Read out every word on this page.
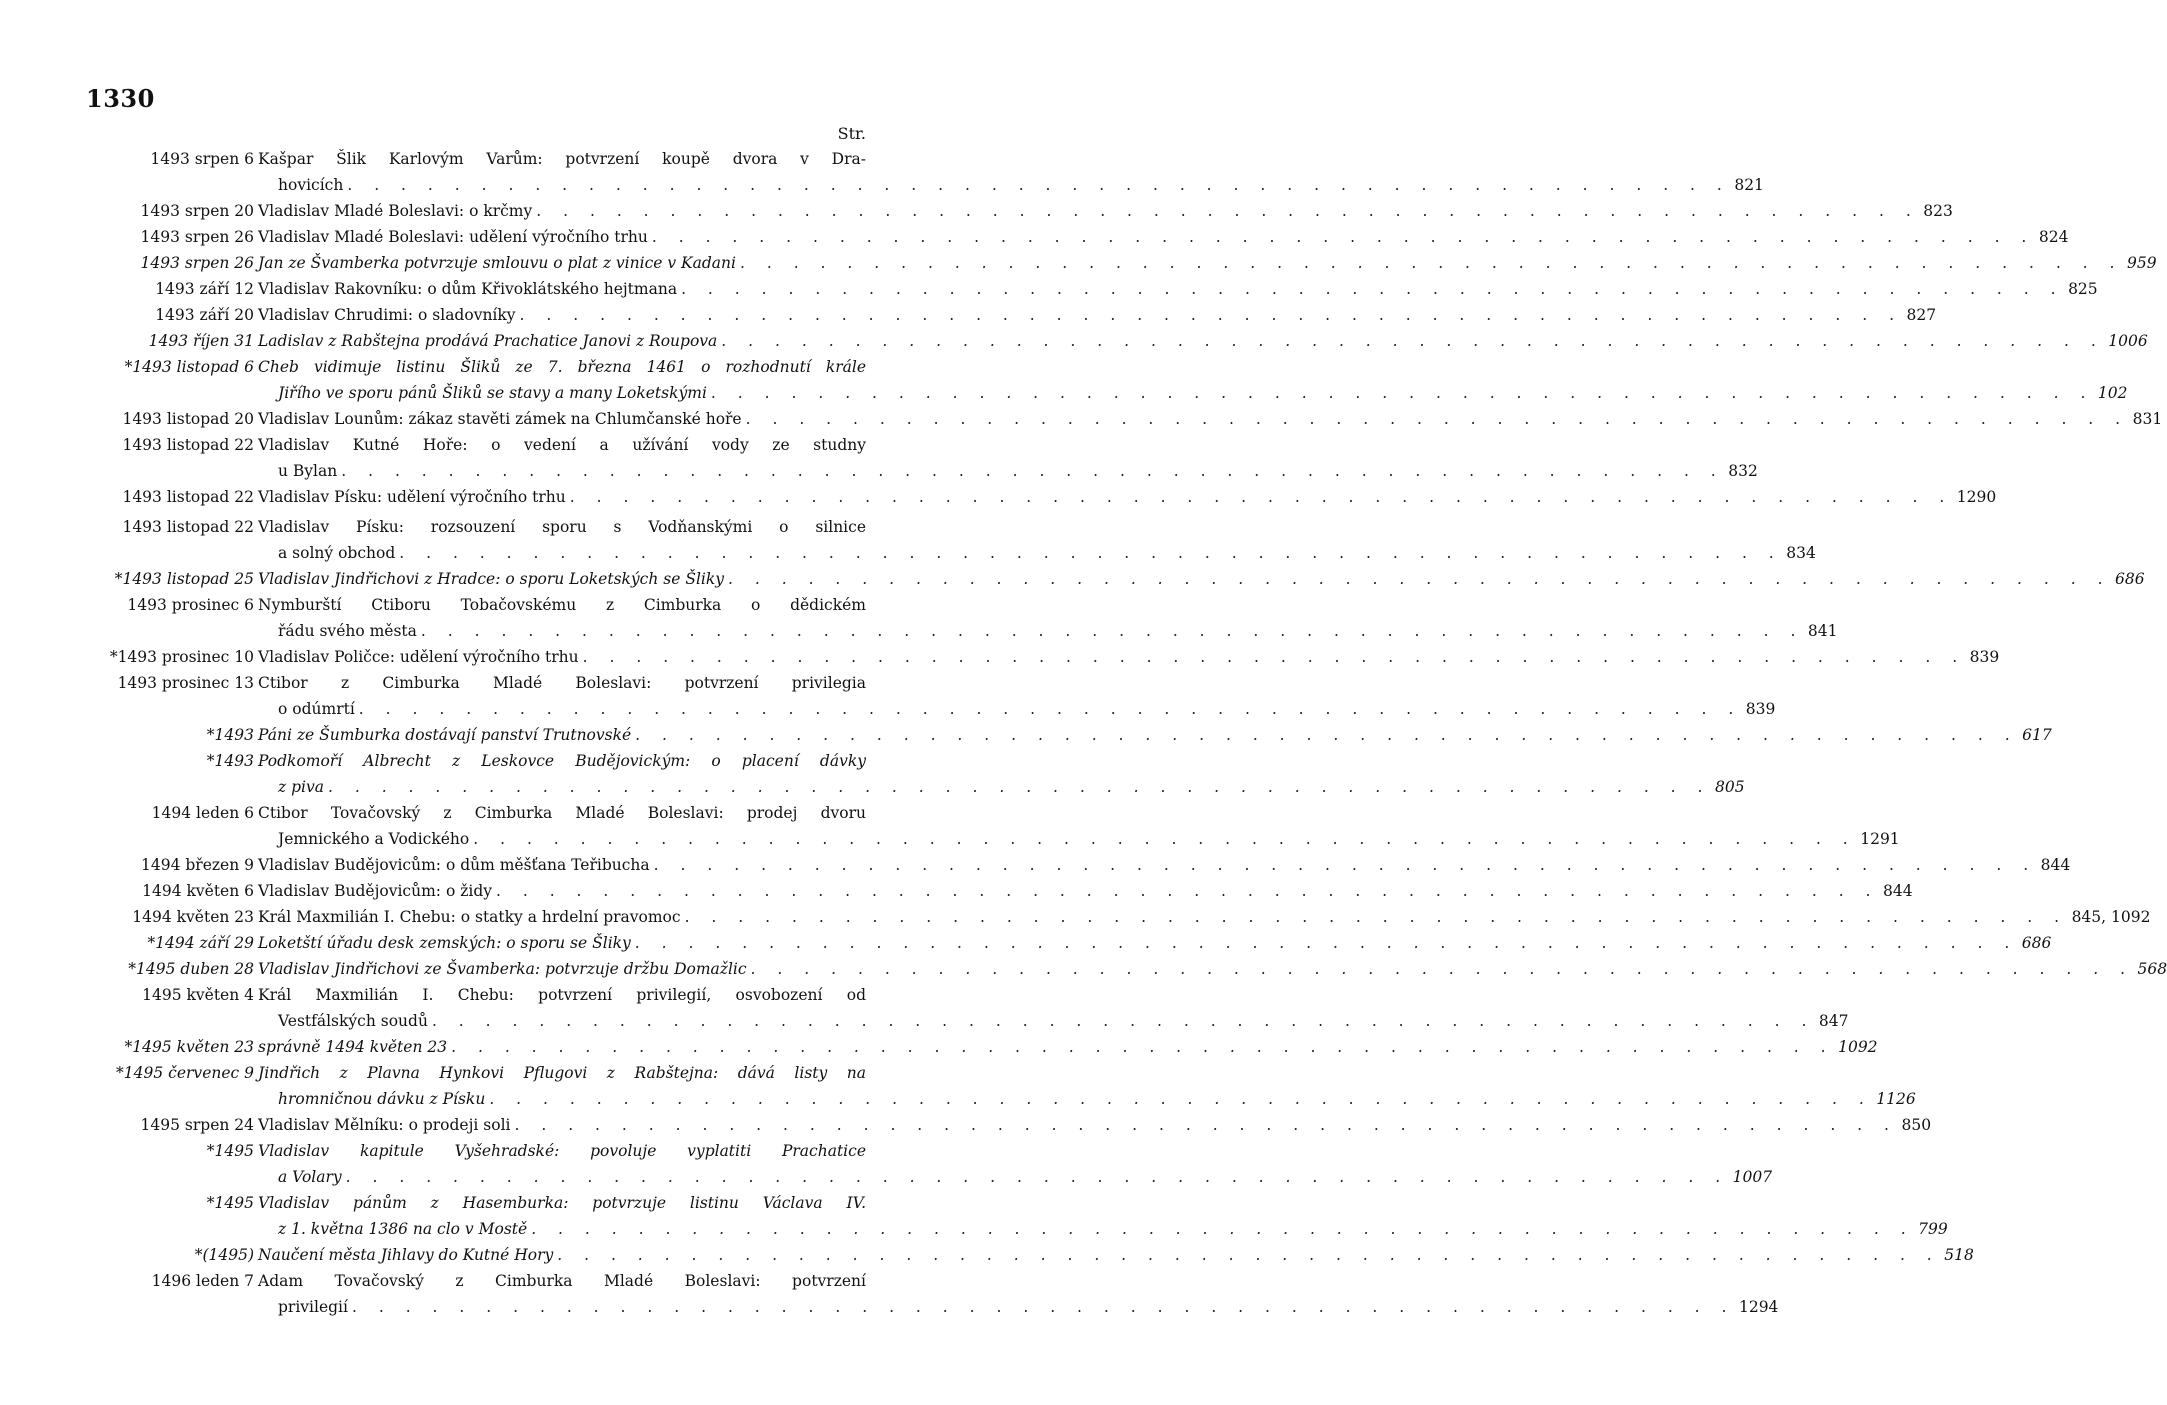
1330
Str.
1493 srpen 6 Kašpar Šlik Karlovým Varům: potvrzení koupě dvora v Dra-
hovicích . . . . . . . . . . . . . . . . . . . . . . . . . . . . . . . . . . . . . . . . . . . . . . . . . . . . 821
1493 srpen 20 Vladislav Mladé Boleslavi: o krčmy . . . . . . . . . . . . . . . . . . . . . . . . . . . . . . . . . . . . . . . . . . . . . . . . . . . . 823
1493 srpen 26 Vladislav Mladé Boleslavi: udělení výročního trhu . . . . . . . . . . . . . . . . . . . . . . . . . . . . . . . . . . . . . . . . . . . . . . . . . . . . 824
1493 srpen 26 Jan ze Švamberka potvrzuje smlouvu o plat z vinice v Kadani . . . . . . . . . . . . . . . . . . . . . . . . . . . . . . . . . . . . . . . . . . . . . . . . . . . . 959
1493 září 12 Vladislav Rakovníku: o dům Křivoklátského hejtmana . . . . . . . . . . . . . . . . . . . . . . . . . . . . . . . . . . . . . . . . . . . . . . . . . . . . 825
1493 září 20 Vladislav Chrudimi: o sladovníky . . . . . . . . . . . . . . . . . . . . . . . . . . . . . . . . . . . . . . . . . . . . . . . . . . . . 827
1493 říjen 31 Ladislav z Rabštejna prodává Prachatice Janovi z Roupova . . . . . . . . . . . . . . . . . . . . . . . . . . . . . . . . . . . . . . . . . . . . . . . . . . . . 1006
*1493 listopad 6 Cheb vidimuje listinu Šliků ze 7. března 1461 o rozhodnutí krále
Jiřího ve sporu pánů Šliků se stavy a many Loketskými . . . . . . . . . . . . . . . . . . . . . . . . . . . . . . . . . . . . . . . . . . . . . . . . . . . . 102
1493 listopad 20 Vladislav Lounům: zákaz stavěti zámek na Chlumčanské hoře . . . . . . . . . . . . . . . . . . . . . . . . . . . . . . . . . . . . . . . . . . . . . . . . . . . . 831
1493 listopad 22 Vladislav Kutné Hoře: o vedení a užívání vody ze studny
u Bylan . . . . . . . . . . . . . . . . . . . . . . . . . . . . . . . . . . . . . . . . . . . . . . . . . . . . 832
1493 listopad 22 Vladislav Písku: udělení výročního trhu . . . . . . . . . . . . . . . . . . . . . . . . . . . . . . . . . . . . . . . . . . . . . . . . . . . . 1290
1493 listopad 22 Vladislav Písku: rozsouzení sporu s Vodňanskými o silnice
a solný obchod . . . . . . . . . . . . . . . . . . . . . . . . . . . . . . . . . . . . . . . . . . . . . . . . . . . . 834
*1493 listopad 25 Vladislav Jindřichovi z Hradce: o sporu Loketských se Šliky . . . . . . . . . . . . . . . . . . . . . . . . . . . . . . . . . . . . . . . . . . . . . . . . . . . . 686
1493 prosinec 6 Nymburští Ctiboru Tobačovskému z Cimburka o dědickém
řádu svého města . . . . . . . . . . . . . . . . . . . . . . . . . . . . . . . . . . . . . . . . . . . . . . . . . . . . 841
*1493 prosinec 10 Vladislav Poličce: udělení výročního trhu . . . . . . . . . . . . . . . . . . . . . . . . . . . . . . . . . . . . . . . . . . . . . . . . . . . . 839
1493 prosinec 13 Ctibor z Cimburka Mladé Boleslavi: potvrzení privilegia
o odúmrtí . . . . . . . . . . . . . . . . . . . . . . . . . . . . . . . . . . . . . . . . . . . . . . . . . . . . 839
*1493 Páni ze Šumburka dostávají panství Trutnovské . . . . . . . . . . . . . . . . . . . . . . . . . . . . . . . . . . . . . . . . . . . . . . . . . . . . 617
*1493 Podkomoří Albrecht z Leskovce Budějovickým: o placení dávky
z piva . . . . . . . . . . . . . . . . . . . . . . . . . . . . . . . . . . . . . . . . . . . . . . . . . . . . 805
1494 leden 6 Ctibor Tovačovský z Cimburka Mladé Boleslavi: prodej dvoru
Jemnického a Vodického . . . . . . . . . . . . . . . . . . . . . . . . . . . . . . . . . . . . . . . . . . . . . . . . . . . . 1291
1494 březen 9 Vladislav Budějovicům: o dům měšťana Teřibucha . . . . . . . . . . . . . . . . . . . . . . . . . . . . . . . . . . . . . . . . . . . . . . . . . . . . 844
1494 květen 6 Vladislav Budějovicům: o židy . . . . . . . . . . . . . . . . . . . . . . . . . . . . . . . . . . . . . . . . . . . . . . . . . . . . 844
1494 květen 23 Král Maxmilián I. Chebu: o statky a hrdelní pravomoc . . . . . . . . . . . . . . . . . . . . . . . . . . . . . . . . . . . . . . . . . . . . . . . . . . . . 845, 1092
*1494 září 29 Loketští úřadu desk zemských: o sporu se Šliky . . . . . . . . . . . . . . . . . . . . . . . . . . . . . . . . . . . . . . . . . . . . . . . . . . . . 686
*1495 duben 28 Vladislav Jindřichovi ze Švamberka: potvrzuje držbu Domažlic . . . . . . . . . . . . . . . . . . . . . . . . . . . . . . . . . . . . . . . . . . . . . . . . . . . . 568
1495 květen 4 Král Maxmilián I. Chebu: potvrzení privilegií, osvobození od
Vestfálských soudů . . . . . . . . . . . . . . . . . . . . . . . . . . . . . . . . . . . . . . . . . . . . . . . . . . . . 847
*1495 květen 23 správně 1494 květen 23 . . . . . . . . . . . . . . . . . . . . . . . . . . . . . . . . . . . . . . . . . . . . . . . . . . . . 1092
*1495 červenec 9 Jindřich z Plavna Hynkovi Pflugovi z Rabštejna: dává listy na
hromničnou dávku z Písku . . . . . . . . . . . . . . . . . . . . . . . . . . . . . . . . . . . . . . . . . . . . . . . . . . . . 1126
1495 srpen 24 Vladislav Mělníku: o prodeji soli . . . . . . . . . . . . . . . . . . . . . . . . . . . . . . . . . . . . . . . . . . . . . . . . . . . . 850
*1495 Vladislav kapitule Vyšehradské: povoluje vyplatiti Prachatice
a Volary . . . . . . . . . . . . . . . . . . . . . . . . . . . . . . . . . . . . . . . . . . . . . . . . . . . . 1007
*1495 Vladislav pánům z Hasemburka: potvrzuje listinu Václava IV.
z 1. května 1386 na clo v Mostě . . . . . . . . . . . . . . . . . . . . . . . . . . . . . . . . . . . . . . . . . . . . . . . . . . . . 799
*(1495) Naučení města Jihlavy do Kutné Hory . . . . . . . . . . . . . . . . . . . . . . . . . . . . . . . . . . . . . . . . . . . . . . . . . . . . 518
1496 leden 7 Adam Tovačovský z Cimburka Mladé Boleslavi: potvrzení
privilegií . . . . . . . . . . . . . . . . . . . . . . . . . . . . . . . . . . . . . . . . . . . . . . . . . . . . 1294
